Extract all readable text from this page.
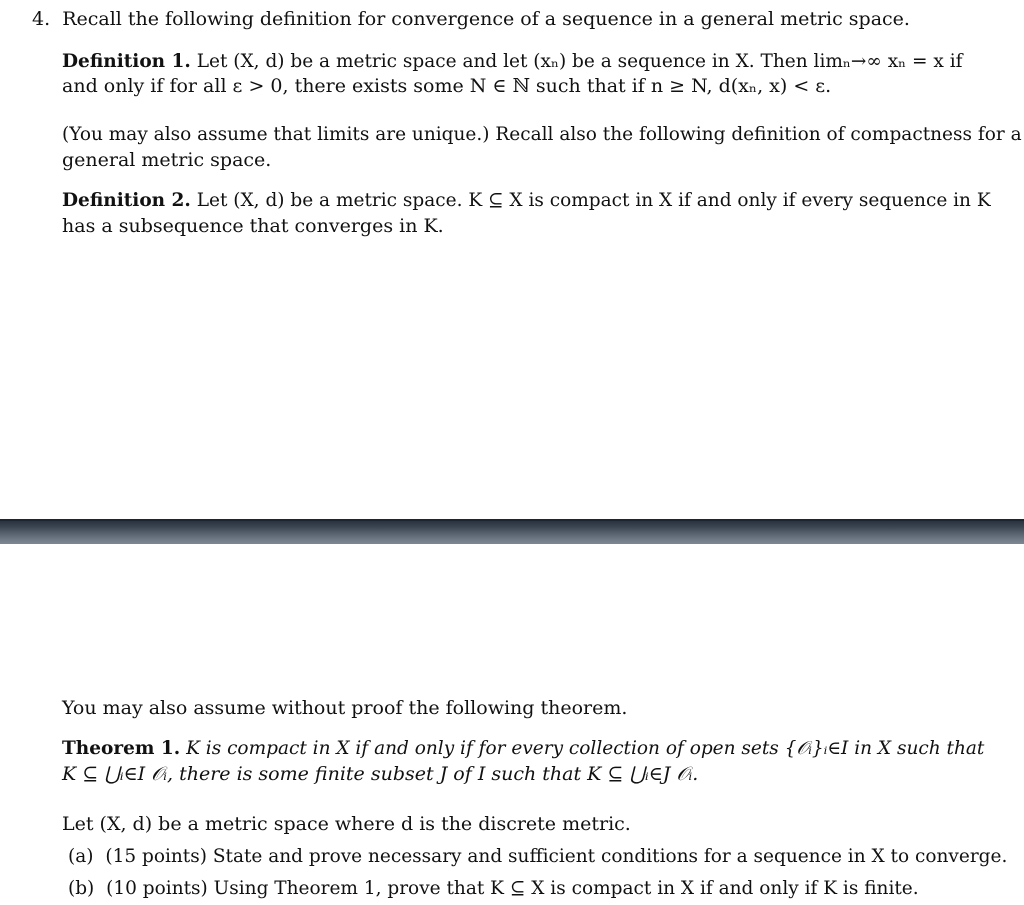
4. Recall the following definition for convergence of a sequence in a general metric space.
Definition 1. Let (X, d) be a metric space and let (xₙ) be a sequence in X. Then limₙ→∞ xₙ = x if
and only if for all ε > 0, there exists some N ∈ ℕ such that if n ≥ N, d(xₙ, x) < ε.
(You may also assume that limits are unique.) Recall also the following definition of compactness for a
general metric space.
Definition 2. Let (X, d) be a metric space. K ⊆ X is compact in X if and only if every sequence in K
has a subsequence that converges in K.
You may also assume without proof the following theorem.
Theorem 1. K is compact in X if and only if for every collection of open sets {𝒪ᵢ}ᵢ∈I in X such that
K ⊆ ⋃ᵢ∈I 𝒪ᵢ, there is some finite subset J of I such that K ⊆ ⋃ᵢ∈J 𝒪ᵢ.
Let (X, d) be a metric space where d is the discrete metric.
(a) (15 points) State and prove necessary and sufficient conditions for a sequence in X to converge.
(b) (10 points) Using Theorem 1, prove that K ⊆ X is compact in X if and only if K is finite.
